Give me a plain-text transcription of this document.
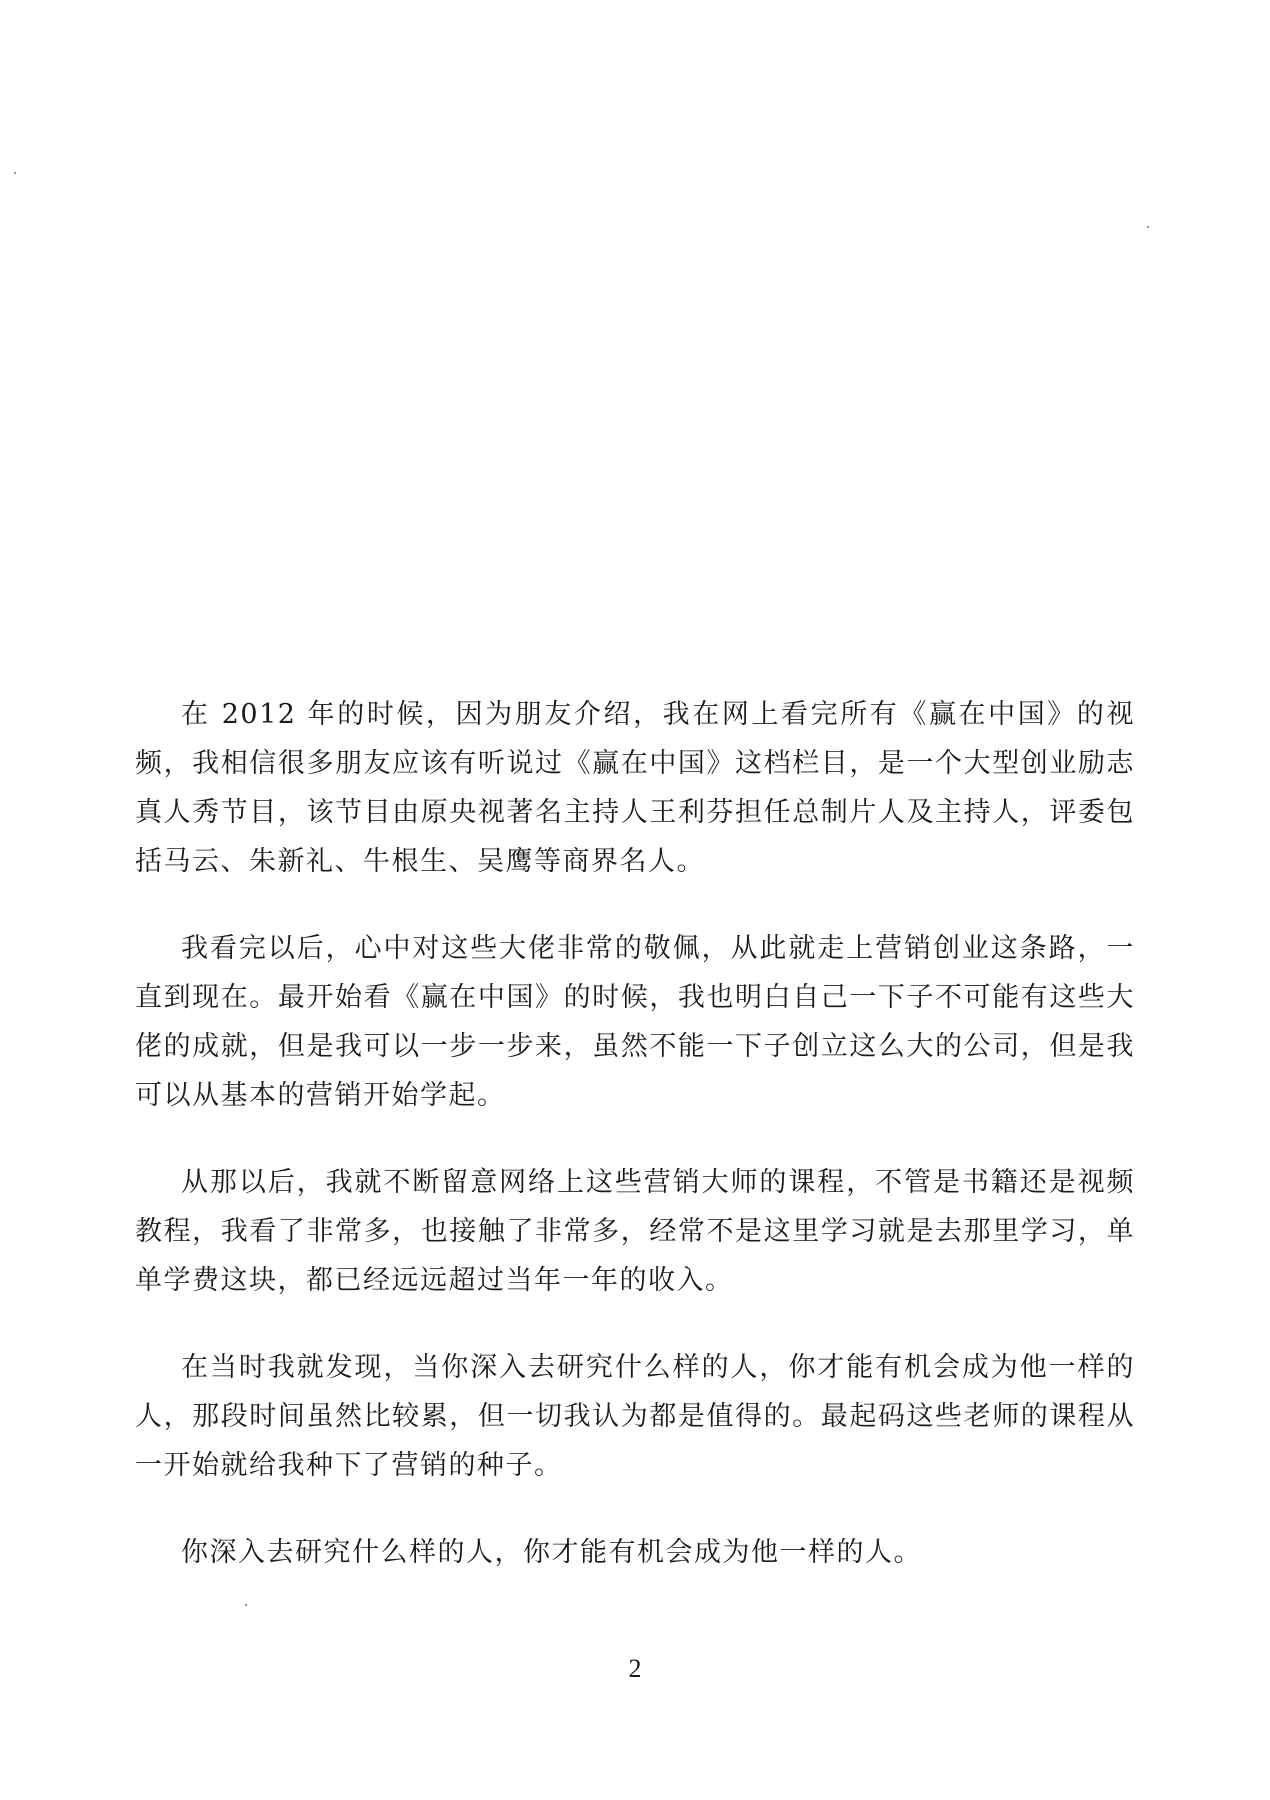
在 2012 年的时候，因为朋友介绍，我在网上看完所有《赢在中国》的视频，我相信很多朋友应该有听说过《赢在中国》这档栏目，是一个大型创业励志真人秀节目，该节目由原央视著名主持人王利芬担任总制片人及主持人，评委包括马云、朱新礼、牛根生、吴鹰等商界名人。

我看完以后，心中对这些大佬非常的敬佩，从此就走上营销创业这条路，一直到现在。最开始看《赢在中国》的时候，我也明白自己一下子不可能有这些大佬的成就，但是我可以一步一步来，虽然不能一下子创立这么大的公司，但是我可以从基本的营销开始学起。

从那以后，我就不断留意网络上这些营销大师的课程，不管是书籍还是视频教程，我看了非常多，也接触了非常多，经常不是这里学习就是去那里学习，单单学费这块，都已经远远超过当年一年的收入。

在当时我就发现，当你深入去研究什么样的人，你才能有机会成为他一样的人，那段时间虽然比较累，但一切我认为都是值得的。最起码这些老师的课程从一开始就给我种下了营销的种子。

你深入去研究什么样的人，你才能有机会成为他一样的人。

2
